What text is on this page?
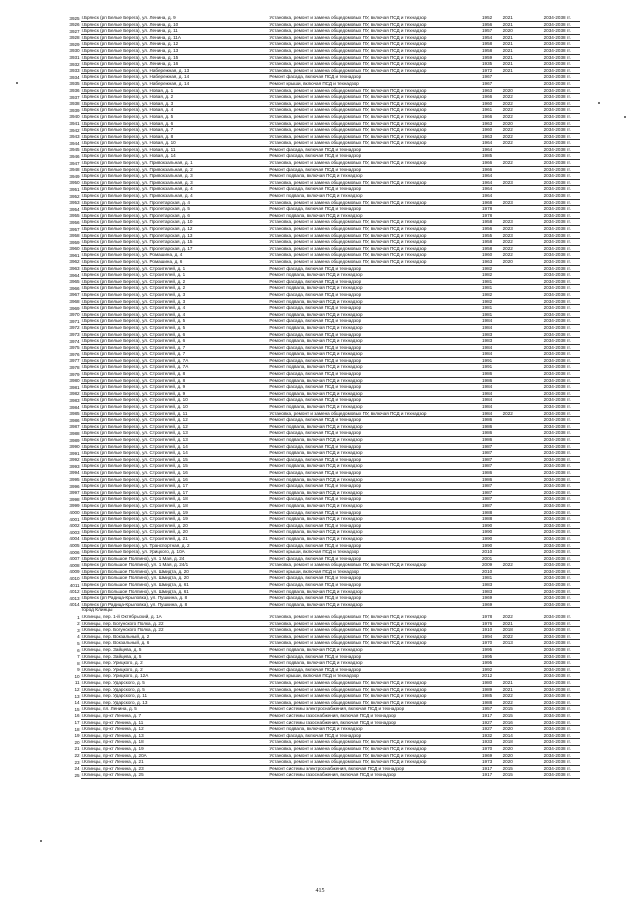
3925	г.Брянск (рп Белые Берега), ул. Ленина, д. 9		Установка, ремонт и замена общедомовых ПУ, включая ПСД и технадзор		1952	2021		2034-2038 гг.
3926	г.Брянск (рп Белые Берега), ул. Ленина, д. 10		Установка, ремонт и замена общедомовых ПУ, включая ПСД и технадзор		1956	2021		2034-2038 гг.
3927	г.Брянск (рп Белые Берега), ул. Ленина, д. 11		Установка, ремонт и замена общедомовых ПУ, включая ПСД и технадзор		1957	2020		2034-2038 гг.
3928	г.Брянск (рп Белые Берега), ул. Ленина, д. 11А		Установка, ремонт и замена общедомовых ПУ, включая ПСД и технадзор		1954	2021		2034-2038 гг.
3929	г.Брянск (рп Белые Берега), ул. Ленина, д. 12		Установка, ремонт и замена общедомовых ПУ, включая ПСД и технадзор		1958	2021		2034-2038 гг.
3930	г.Брянск (рп Белые Берега), ул. Ленина, д. 13		Установка, ремонт и замена общедомовых ПУ, включая ПСД и технадзор		1958	2021		2034-2038 гг.
3931	г.Брянск (рп Белые Берега), ул. Ленина, д. 15		Установка, ремонт и замена общедомовых ПУ, включая ПСД и технадзор		1959	2021		2034-2038 гг.
3932	г.Брянск (рп Белые Берега), ул. Ленина, д. 16		Установка, ремонт и замена общедомовых ПУ, включая ПСД и технадзор		1935	2021		2034-2038 гг.
3933	г.Брянск (рп Белые Берега), ул. Набережная, д. 13		Установка, ремонт и замена общедомовых ПУ, включая ПСД и технадзор		1972	2021		2034-2038 гг.
3934	г.Брянск (рп Белые Берега), ул. Набережная, д. 14		Ремонт фасада, включая ПСД и технадзор		1967			2034-2038 гг.
3935	г.Брянск (рп Белые Берега), ул. Набережная, д. 14		Ремонт крыши, включая ПСД и технадзор		1967			2034-2038 гг.
3936	г.Брянск (рп Белые Берега), ул. Новая, д. 1		Установка, ремонт и замена общедомовых ПУ, включая ПСД и технадзор		1963	2020		2034-2038 гг.
3937	г.Брянск (рп Белые Берега), ул. Новая, д. 2		Установка, ремонт и замена общедомовых ПУ, включая ПСД и технадзор		1966	2022		2034-2038 гг.
3938	г.Брянск (рп Белые Берега), ул. Новая, д. 3		Установка, ремонт и замена общедомовых ПУ, включая ПСД и технадзор		1960	2022		2034-2038 гг.
3939	г.Брянск (рп Белые Берега), ул. Новая, д. 4		Установка, ремонт и замена общедомовых ПУ, включая ПСД и технадзор		1961	2022		2034-2038 гг.
3940	г.Брянск (рп Белые Берега), ул. Новая, д. 5		Установка, ремонт и замена общедомовых ПУ, включая ПСД и технадзор		1966	2022		2034-2038 гг.
3941	г.Брянск (рп Белые Берега), ул. Новая, д. 6		Установка, ремонт и замена общедомовых ПУ, включая ПСД и технадзор		1963	2020		2034-2038 гг.
3942	г.Брянск (рп Белые Берега), ул. Новая, д. 7		Установка, ремонт и замена общедомовых ПУ, включая ПСД и технадзор		1960	2022		2034-2038 гг.
3943	г.Брянск (рп Белые Берега), ул. Новая, д. 8		Установка, ремонт и замена общедомовых ПУ, включая ПСД и технадзор		1963	2022		2034-2038 гг.
3944	г.Брянск (рп Белые Берега), ул. Новая, д. 10		Установка, ремонт и замена общедомовых ПУ, включая ПСД и технадзор		1964	2022		2034-2038 гг.
3945	г.Брянск (рп Белые Берега), ул. Новая, д. 11		Ремонт фасада, включая ПСД и технадзор		1964			2034-2038 гг.
3946	г.Брянск (рп Белые Берега), ул. Новая, д. 14		Ремонт фасада, включая ПСД и технадзор		1985			2034-2038 гг.
3947	г.Брянск (рп Белые Берега), ул. Привокзальная, д. 1		Установка, ремонт и замена общедомовых ПУ, включая ПСД и технадзор		1966	2022		2034-2038 гг.
3948	г.Брянск (рп Белые Берега), ул. Привокзальная, д. 2		Ремонт фасада, включая ПСД и технадзор		1966			2034-2038 гг.
3949	г.Брянск (рп Белые Берега), ул. Привокзальная, д. 3		Ремонт подвала, включая ПСД и технадзор		1964			2034-2038 гг.
3950	г.Брянск (рп Белые Берега), ул. Привокзальная, д. 3		Установка, ремонт и замена общедомовых ПУ, включая ПСД и технадзор		1964	2023		2034-2038 гг.
3951	г.Брянск (рп Белые Берега), ул. Привокзальная, д. 4		Ремонт фасада, включая ПСД и технадзор		1964			2034-2038 гг.
3952	г.Брянск (рп Белые Берега), ул. Привокзальная, д. 4		Ремонт подвала, включая ПСД и технадзор		1964			2034-2038 гг.
3953	г.Брянск (рп Белые Берега), ул. Пролетарская, д. 4		Установка, ремонт и замена общедомовых ПУ, включая ПСД и технадзор		1968	2023		2034-2038 гг.
3954	г.Брянск (рп Белые Берега), ул. Пролетарская, д. 5		Ремонт фасада, включая ПСД и технадзор		1978			2034-2038 гг.
3955	г.Брянск (рп Белые Берега), ул. Пролетарская, д. 6		Ремонт подвала, включая ПСД и технадзор		1978			2034-2038 гг.
3956	г.Брянск (рп Белые Берега), ул. Пролетарская, д. 10		Установка, ремонт и замена общедомовых ПУ, включая ПСД и технадзор		1958	2023		2034-2038 гг.
3957	г.Брянск (рп Белые Берега), ул. Пролетарская, д. 12		Установка, ремонт и замена общедомовых ПУ, включая ПСД и технадзор		1956	2023		2034-2038 гг.
3958	г.Брянск (рп Белые Берега), ул. Пролетарская, д. 13		Установка, ремонт и замена общедомовых ПУ, включая ПСД и технадзор		1955	2023		2034-2038 гг.
3959	г.Брянск (рп Белые Берега), ул. Пролетарская, д. 15		Установка, ремонт и замена общедомовых ПУ, включая ПСД и технадзор		1958	2022		2034-2038 гг.
3960	г.Брянск (рп Белые Берега), ул. Пролетарская, д. 17		Установка, ремонт и замена общедомовых ПУ, включая ПСД и технадзор		1958	2022		2034-2038 гг.
3961	г.Брянск (рп Белые Берега), ул. Ромашина, д. 4		Установка, ремонт и замена общедомовых ПУ, включая ПСД и технадзор		1960	2022		2034-2038 гг.
3962	г.Брянск (рп Белые Берега), ул. Ромашина, д. 6		Установка, ремонт и замена общедомовых ПУ, включая ПСД и технадзор		1963	2020		2034-2038 гг.
3963	г.Брянск (рп Белые Берега), ул. Строителей, д. 1		Ремонт фасада, включая ПСД и технадзор		1982			2034-2038 гг.
3964	г.Брянск (рп Белые Берега), ул. Строителей, д. 1		Ремонт подвала, включая ПСД и технадзор		1982			2034-2038 гг.
3965	г.Брянск (рп Белые Берега), ул. Строителей, д. 2		Ремонт фасада, включая ПСД и технадзор		1981			2034-2038 гг.
3966	г.Брянск (рп Белые Берега), ул. Строителей, д. 2		Ремонт подвала, включая ПСД и технадзор		1981			2034-2038 гг.
3967	г.Брянск (рп Белые Берега), ул. Строителей, д. 3		Ремонт фасада, включая ПСД и технадзор		1982			2034-2038 гг.
3968	г.Брянск (рп Белые Берега), ул. Строителей, д. 3		Ремонт подвала, включая ПСД и технадзор		1982			2034-2038 гг.
3969	г.Брянск (рп Белые Берега), ул. Строителей, д. 4		Ремонт фасада, включая ПСД и технадзор		1981			2034-2038 гг.
3970	г.Брянск (рп Белые Берега), ул. Строителей, д. 4		Ремонт подвала, включая ПСД и технадзор		1981			2034-2038 гг.
3971	г.Брянск (рп Белые Берега), ул. Строителей, д. 5		Ремонт фасада, включая ПСД и технадзор		1984			2034-2038 гг.
3972	г.Брянск (рп Белые Берега), ул. Строителей, д. 5		Ремонт подвала, включая ПСД и технадзор		1984			2034-2038 гг.
3973	г.Брянск (рп Белые Берега), ул. Строителей, д. 6		Ремонт фасада, включая ПСД и технадзор		1983			2034-2038 гг.
3974	г.Брянск (рп Белые Берега), ул. Строителей, д. 6		Ремонт подвала, включая ПСД и технадзор		1983			2034-2038 гг.
3975	г.Брянск (рп Белые Берега), ул. Строителей, д. 7		Ремонт фасада, включая ПСД и технадзор		1984			2034-2038 гг.
3976	г.Брянск (рп Белые Берега), ул. Строителей, д. 7		Ремонт подвала, включая ПСД и технадзор		1984			2034-2038 гг.
3977	г.Брянск (рп Белые Берега), ул. Строителей, д. 7А		Ремонт фасада, включая ПСД и технадзор		1991			2034-2038 гг.
3978	г.Брянск (рп Белые Берега), ул. Строителей, д. 7А		Ремонт подвала, включая ПСД и технадзор		1991			2034-2038 гг.
3979	г.Брянск (рп Белые Берега), ул. Строителей, д. 8		Ремонт фасада, включая ПСД и технадзор		1986			2034-2038 гг.
3980	г.Брянск (рп Белые Берега), ул. Строителей, д. 8		Ремонт подвала, включая ПСД и технадзор		1986			2034-2038 гг.
3981	г.Брянск (рп Белые Берега), ул. Строителей, д. 9		Ремонт фасада, включая ПСД и технадзор		1984			2034-2038 гг.
3982	г.Брянск (рп Белые Берега), ул. Строителей, д. 9		Ремонт подвала, включая ПСД и технадзор		1984			2034-2038 гг.
3983	г.Брянск (рп Белые Берега), ул. Строителей, д. 10		Ремонт фасада, включая ПСД и технадзор		1984			2034-2038 гг.
3984	г.Брянск (рп Белые Берега), ул. Строителей, д. 10		Ремонт подвала, включая ПСД и технадзор		1984			2034-2038 гг.
3985	г.Брянск (рп Белые Берега), ул. Строителей, д. 11		Установка, ремонт и замена общедомовых ПУ, включая ПСД и технадзор		1984	2022		2034-2038 гг.
3986	г.Брянск (рп Белые Берега), ул. Строителей, д. 12		Ремонт фасада, включая ПСД и технадзор		1986			2034-2038 гг.
3987	г.Брянск (рп Белые Берега), ул. Строителей, д. 12		Ремонт подвала, включая ПСД и технадзор		1986			2034-2038 гг.
3988	г.Брянск (рп Белые Берега), ул. Строителей, д. 13		Ремонт фасада, включая ПСД и технадзор		1986			2034-2038 гг.
3989	г.Брянск (рп Белые Берега), ул. Строителей, д. 13		Ремонт подвала, включая ПСД и технадзор		1986			2034-2038 гг.
3990	г.Брянск (рп Белые Берега), ул. Строителей, д. 14		Ремонт фасада, включая ПСД и технадзор		1987			2034-2038 гг.
3991	г.Брянск (рп Белые Берега), ул. Строителей, д. 14		Ремонт подвала, включая ПСД и технадзор		1987			2034-2038 гг.
3992	г.Брянск (рп Белые Берега), ул. Строителей, д. 15		Ремонт фасада, включая ПСД и технадзор		1987			2034-2038 гг.
3993	г.Брянск (рп Белые Берега), ул. Строителей, д. 15		Ремонт подвала, включая ПСД и технадзор		1987			2034-2038 гг.
3994	г.Брянск (рп Белые Берега), ул. Строителей, д. 16		Ремонт фасада, включая ПСД и технадзор		1986			2034-2038 гг.
3995	г.Брянск (рп Белые Берега), ул. Строителей, д. 16		Ремонт подвала, включая ПСД и технадзор		1986			2034-2038 гг.
3996	г.Брянск (рп Белые Берега), ул. Строителей, д. 17		Ремонт фасада, включая ПСД и технадзор		1987			2034-2038 гг.
3997	г.Брянск (рп Белые Берега), ул. Строителей, д. 17		Ремонт подвала, включая ПСД и технадзор		1987			2034-2038 гг.
3998	г.Брянск (рп Белые Берега), ул. Строителей, д. 18		Ремонт фасада, включая ПСД и технадзор		1987			2034-2038 гг.
3999	г.Брянск (рп Белые Берега), ул. Строителей, д. 18		Ремонт подвала, включая ПСД и технадзор		1987			2034-2038 гг.
4000	г.Брянск (рп Белые Берега), ул. Строителей, д. 19		Ремонт фасада, включая ПСД и технадзор		1988			2034-2038 гг.
4001	г.Брянск (рп Белые Берега), ул. Строителей, д. 19		Ремонт подвала, включая ПСД и технадзор		1988			2034-2038 гг.
4002	г.Брянск (рп Белые Берега), ул. Строителей, д. 20		Ремонт фасада, включая ПСД и технадзор		1990			2034-2038 гг.
4003	г.Брянск (рп Белые Берега), ул. Строителей, д. 20		Ремонт подвала, включая ПСД и технадзор		1990			2034-2038 гг.
4004	г.Брянск (рп Белые Берега), ул. Строителей, д. 21		Ремонт подвала, включая ПСД и технадзор		1990			2034-2038 гг.
4005	г.Брянск (рп Белые Берега), ул. Транспортная, д. 2		Ремонт фасада, включая ПСД и технадзор		1990			2034-2038 гг.
4006	г.Брянск (рп Белые Берега), ул. Урицкого, д. 10А		Ремонт крыши, включая ПСД и технадзор		2010			2034-2038 гг.
4007	г.Брянск (рп Большое Полпино), ул. 1 Мая, д. 24		Ремонт фасада, включая ПСД и технадзор		2001			2034-2038 гг.
4008	г.Брянск (рп Большое Полпино), ул. 1 Мая, д. 24/1		Установка, ремонт и замена общедомовых ПУ, включая ПСД и технадзор		2009	2022		2034-2038 гг.
4009	г.Брянск (рп Большое Полпино), ул. Шмидта, д. 20		Ремонт крыши, включая ПСД и технадзор		2010			2034-2038 гг.
4010	г.Брянск (рп Большое Полпино), ул. Шмидта, д. 20		Ремонт фасада, включая ПСД и технадзор		1981			2034-2038 гг.
4011	г.Брянск (рп Большое Полпино), ул. Шмидта, д. 61		Ремонт фасада, включая ПСД и технадзор		1983			2034-2038 гг.
4012	г.Брянск (рп Большое Полпино), ул. Шмидта, д. 61		Ремонт подвала, включая ПСД и технадзор		1983			2034-2038 гг.
4013	г.Брянск (рп Радица-Крыловка), ул. Пушкина, д. 8		Ремонт фасада, включая ПСД и технадзор		1969			2034-2038 гг.
4014	г.Брянск (рп Радица-Крыловка), ул. Пушкина, д. 8		Ремонт подвала, включая ПСД и технадзор		1969			2034-2038 гг.
	город Клинцы							
1	г.Клинцы, пер. 1-й Октябрьский, д. 1А		Установка, ремонт и замена общедомовых ПУ, включая ПСД и технадзор		1978	2022		2034-2038 гг.
2	г.Клинцы, пер. Богунского Полка, д. 22		Установка, ремонт и замена общедомовых ПУ, включая ПСД и технадзор		1976	2021		2034-2038 гг.
3	г.Клинцы, пер. Богунского Полка, д. 22		Установка, ремонт и замена общедомовых ПУ, включая ПСД и технадзор		1910	2018		2034-2038 гг.
4	г.Клинцы, пер. Вокзальный, д. 2		Установка, ремонт и замена общедомовых ПУ, включая ПСД и технадзор		1994	2022		2034-2038 гг.
5	г.Клинцы, пер. Вокзальный, д. 6		Установка, ремонт и замена общедомовых ПУ, включая ПСД и технадзор		1970	2013		2034-2038 гг.
6	г.Клинцы, пер. Зайцева, д. 5		Ремонт подвала, включая ПСД и технадзор		1995			2034-2038 гг.
7	г.Клинцы, пер. Зайцева, д. 5		Ремонт фасада, включая ПСД и технадзор		1995			2034-2038 гг.
8	г.Клинцы, пер. Урицкого, д. 2		Ремонт подвала, включая ПСД и технадзор		1995			2034-2038 гг.
9	г.Клинцы, пер. Урицкого, д. 2		Ремонт фасада, включая ПСД и технадзор		1992			2034-2038 гг.
10	г.Клинцы, пер. Урицкого, д. 12А		Ремонт крыши, включая ПСД и технадзор		2012			2034-2038 гг.
11	г.Клинцы, пер. Ударского, д. 5		Установка, ремонт и замена общедомовых ПУ, включая ПСД и технадзор		1980	2021		2034-2038 гг.
12	г.Клинцы, пер. Ударского, д. 5		Установка, ремонт и замена общедомовых ПУ, включая ПСД и технадзор		1989	2021		2034-2038 гг.
13	г.Клинцы, пер. Ударского, д. 11		Установка, ремонт и замена общедомовых ПУ, включая ПСД и технадзор		1985	2022		2034-2038 гг.
14	г.Клинцы, пер. Ударского, д. 13		Установка, ремонт и замена общедомовых ПУ, включая ПСД и технадзор		1988	2022		2034-2038 гг.
15	г.Клинцы, пл. Ленина, д. 5		Ремонт системы электроснабжения, включая ПСД и технадзор		1957	2015		2034-2038 гг.
16	г.Клинцы, пр-кт Ленина, д. 7		Ремонт системы газоснабжения, включая ПСД и технадзор		1917	2015		2034-2038 гг.
17	г.Клинцы, пр-кт Ленина, д. 11		Ремонт системы газоснабжения, включая ПСД и технадзор		1927	2016		2034-2038 гг.
18	г.Клинцы, пр-кт Ленина, д. 12		Ремонт подвала, включая ПСД и технадзор		1927	2020		2034-2038 гг.
19	г.Клинцы, пр-кт Ленина, д. 13		Ремонт фасада, включая ПСД и технадзор		1932	2014		2034-2038 гг.
20	г.Клинцы, пр-кт Ленина, д. 18		Установка, ремонт и замена общедомовых ПУ, включая ПСД и технадзор		1933	2018		2034-2038 гг.
21	г.Клинцы, пр-кт Ленина, д. 19		Установка, ремонт и замена общедомовых ПУ, включая ПСД и технадзор		1970	2020		2034-2038 гг.
22	г.Клинцы, пр-кт Ленина, д. 20А		Установка, ремонт и замена общедомовых ПУ, включая ПСД и технадзор		1969	2020		2034-2038 гг.
23	г.Клинцы, пр-кт Ленина, д. 21		Установка, ремонт и замена общедомовых ПУ, включая ПСД и технадзор		1973	2020		2034-2038 гг.
24	г.Клинцы, пр-кт Ленина, д. 23		Ремонт системы электроснабжения, включая ПСД и технадзор		1917	2015		2034-2038 гг.
25	г.Клинцы, пр-кт Ленина, д. 25		Ремонт системы газоснабжения, включая ПСД и технадзор		1917	2015		2034-2038 гг.
415
